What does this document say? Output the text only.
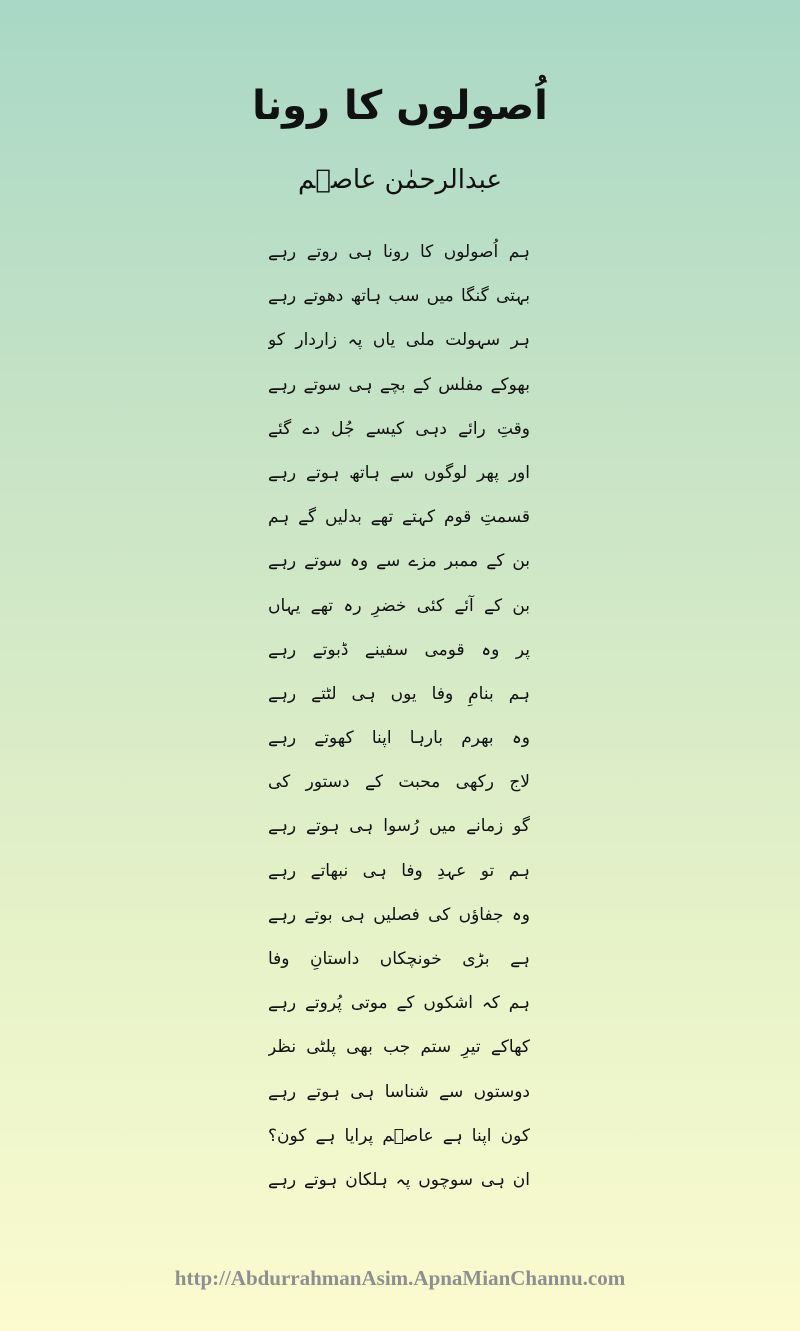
اُصولوں کا رونا
عبدالرحمٰن عاصؔم
ہم اُصولوں کا رونا ہی روتے رہے
بہتی گنگا میں سب ہاتھ دھوتے رہے
ہر سہولت ملی یاں پہ زاردار کو
بھوکے مفلس کے بچے ہی سوتے رہے
وقتِ رائے دہی کیسے جُل دے گئے
اور پھر لوگوں سے ہاتھ ہوتے رہے
قسمتِ قوم کہتے تھے بدلیں گے ہم
بن کے ممبر مزے سے وہ سوتے رہے
بن کے آئے کئی خضرِ رہ تھے یہاں
پر وہ قومی سفینے ڈبوتے رہے
ہم بنامِ وفا یوں ہی لٹتے رہے
وہ بھرم بارہا اپنا کھوتے رہے
لاج رکھی محبت کے دستور کی
گو زمانے میں رُسوا ہی ہوتے رہے
ہم تو عہدِ وفا ہی نبھاتے رہے
وہ جفاؤں کی فصلیں ہی بوتے رہے
ہے بڑی خونچکاں داستانِ وفا
ہم کہ اشکوں کے موتی پُروتے رہے
کھاکے تیرِ ستم جب بھی پلٹی نظر
دوستوں سے شناسا ہی ہوتے رہے
کون اپنا ہے عاصؔم پرایا ہے کون؟
ان ہی سوچوں پہ ہلکان ہوتے رہے
http://AbdurrahmanAsim.ApnaMianChannu.com
